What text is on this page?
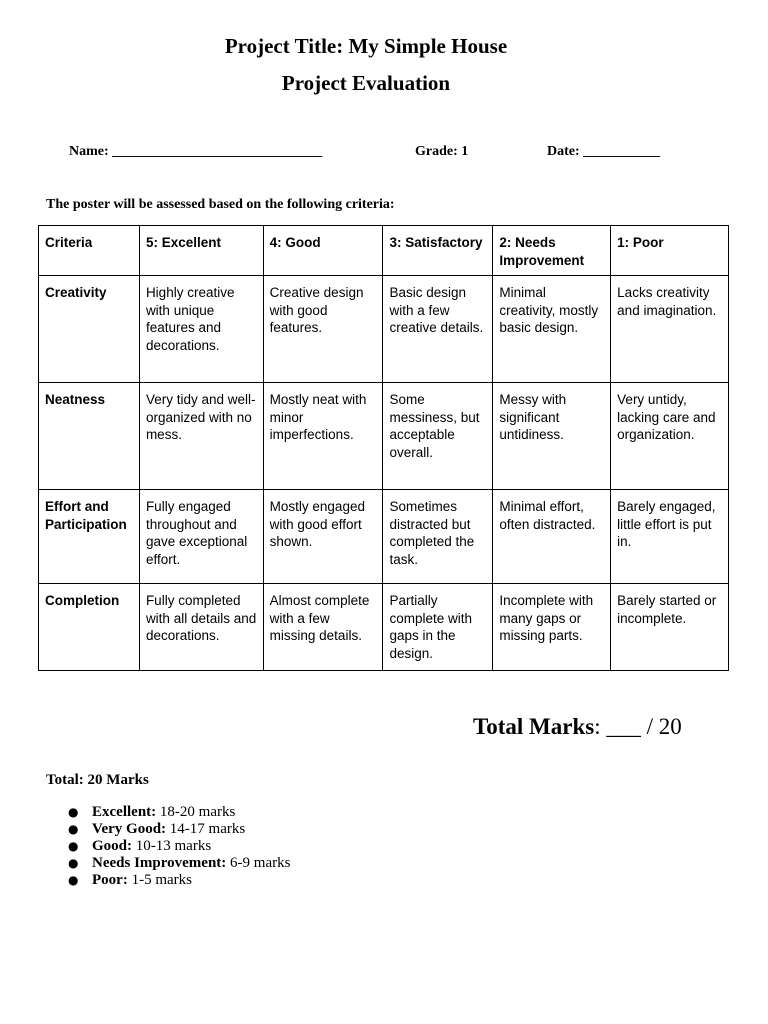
Project Title: My Simple House
Project Evaluation
Name: ______________________________	Grade: 1	Date: ___________
The poster will be assessed based on the following criteria:
Criteria	5: Excellent	4: Good	3: Satisfactory	2: Needs Improvement	1: Poor
Creativity	Highly creative with unique features and decorations.	Creative design with good features.	Basic design with a few creative details.	Minimal creativity, mostly basic design.	Lacks creativity and imagination.
Neatness	Very tidy and well-organized with no mess.	Mostly neat with minor imperfections.	Some messiness, but acceptable overall.	Messy with significant untidiness.	Very untidy, lacking care and organization.
Effort and Participation	Fully engaged throughout and gave exceptional effort.	Mostly engaged with good effort shown.	Sometimes distracted but completed the task.	Minimal effort, often distracted.	Barely engaged, little effort is put in.
Completion	Fully completed with all details and decorations.	Almost complete with a few missing details.	Partially complete with gaps in the design.	Incomplete with many gaps or missing parts.	Barely started or incomplete.
Total Marks: ___ / 20
Total: 20 Marks
● Excellent: 18-20 marks
● Very Good: 14-17 marks
● Good: 10-13 marks
● Needs Improvement: 6-9 marks
● Poor: 1-5 marks
